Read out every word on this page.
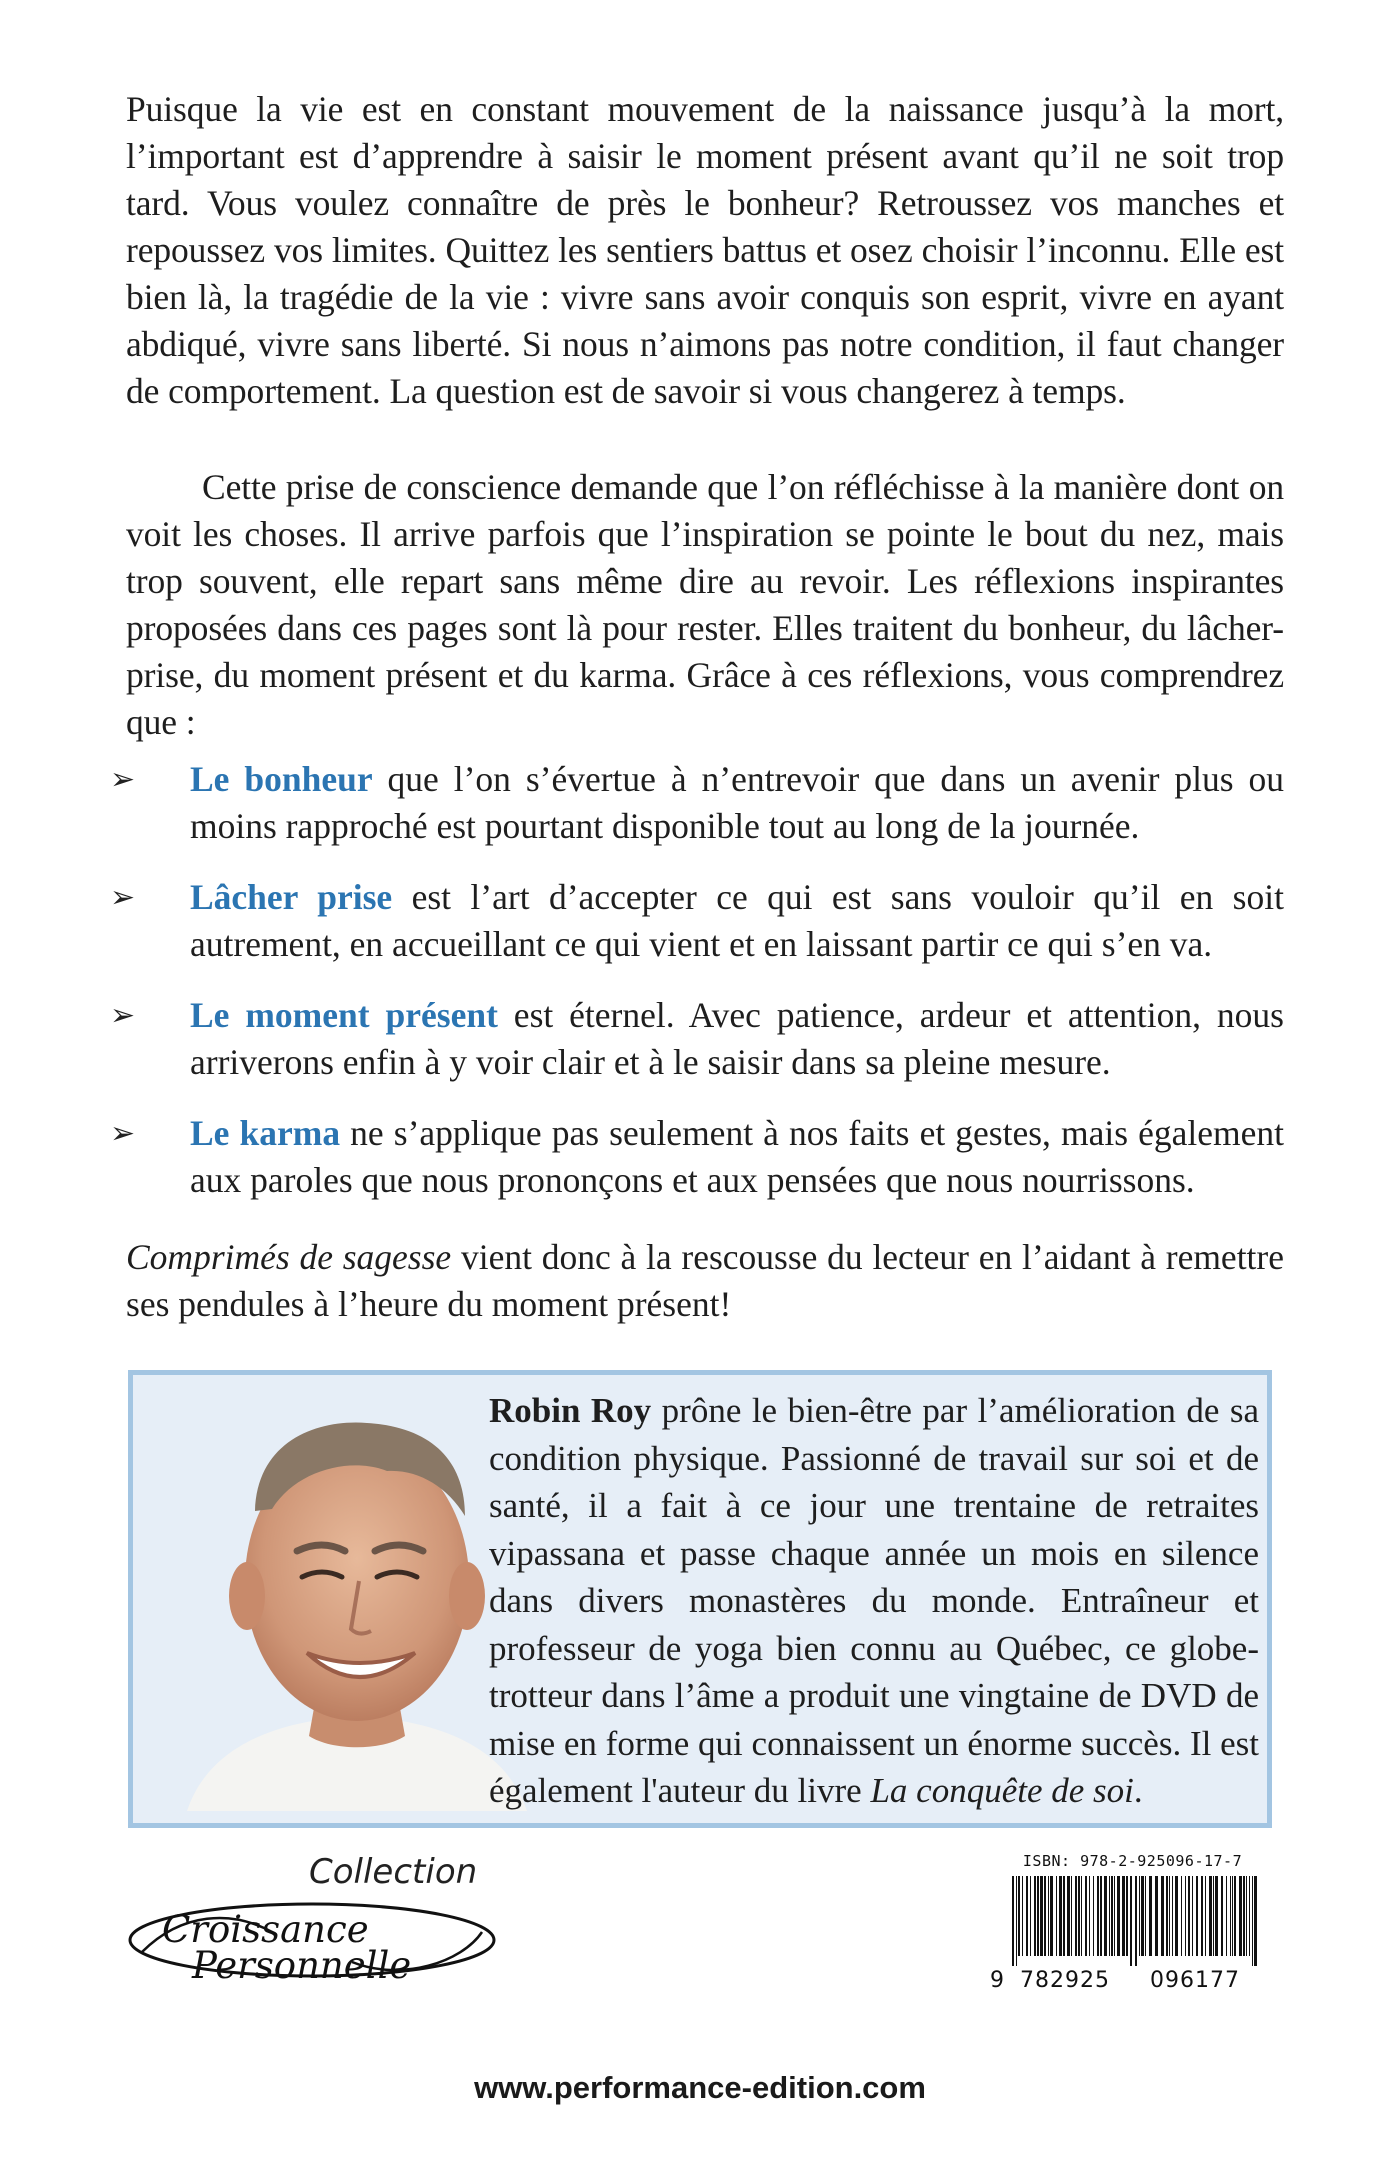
Puisque la vie est en constant mouvement de la naissance jusqu’à la mort, l’important est d’apprendre à saisir le moment présent avant qu’il ne soit trop tard. Vous voulez connaître de près le bonheur? Retroussez vos manches et repoussez vos limites. Quittez les sentiers battus et osez choisir l’inconnu. Elle est bien là, la tragédie de la vie : vivre sans avoir conquis son esprit, vivre en ayant abdiqué, vivre sans liberté. Si nous n’aimons pas notre condition, il faut changer de comportement. La question est de savoir si vous changerez à temps.

Cette prise de conscience demande que l’on réfléchisse à la manière dont on voit les choses. Il arrive parfois que l’inspiration se pointe le bout du nez, mais trop souvent, elle repart sans même dire au revoir. Les réflexions inspirantes proposées dans ces pages sont là pour rester. Elles traitent du bonheur, du lâcher-prise, du moment présent et du karma. Grâce à ces réflexions, vous comprendrez que :

➢ Le bonheur que l’on s’évertue à n’entrevoir que dans un avenir plus ou moins rapproché est pourtant disponible tout au long de la journée.
➢ Lâcher prise est l’art d’accepter ce qui est sans vouloir qu’il en soit autrement, en accueillant ce qui vient et en laissant partir ce qui s’en va.
➢ Le moment présent est éternel. Avec patience, ardeur et attention, nous arriverons enfin à y voir clair et à le saisir dans sa pleine mesure.
➢ Le karma ne s’applique pas seulement à nos faits et gestes, mais également aux paroles que nous prononçons et aux pensées que nous nourrissons.

Comprimés de sagesse vient donc à la rescousse du lecteur en l’aidant à remettre ses pendules à l’heure du moment présent!

Robin Roy prône le bien-être par l’amélioration de sa condition physique. Passionné de travail sur soi et de santé, il a fait à ce jour une trentaine de retraites vipassana et passe chaque année un mois en silence dans divers monastères du monde. Entraîneur et professeur de yoga bien connu au Québec, ce globe-trotteur dans l’âme a produit une vingtaine de DVD de mise en forme qui connaissent un énorme succès. Il est également l'auteur du livre La conquête de soi.

Collection
Croissance
Personnelle
ISBN: 978-2-925096-17-7
9 782925 096177
www.performance-edition.com
